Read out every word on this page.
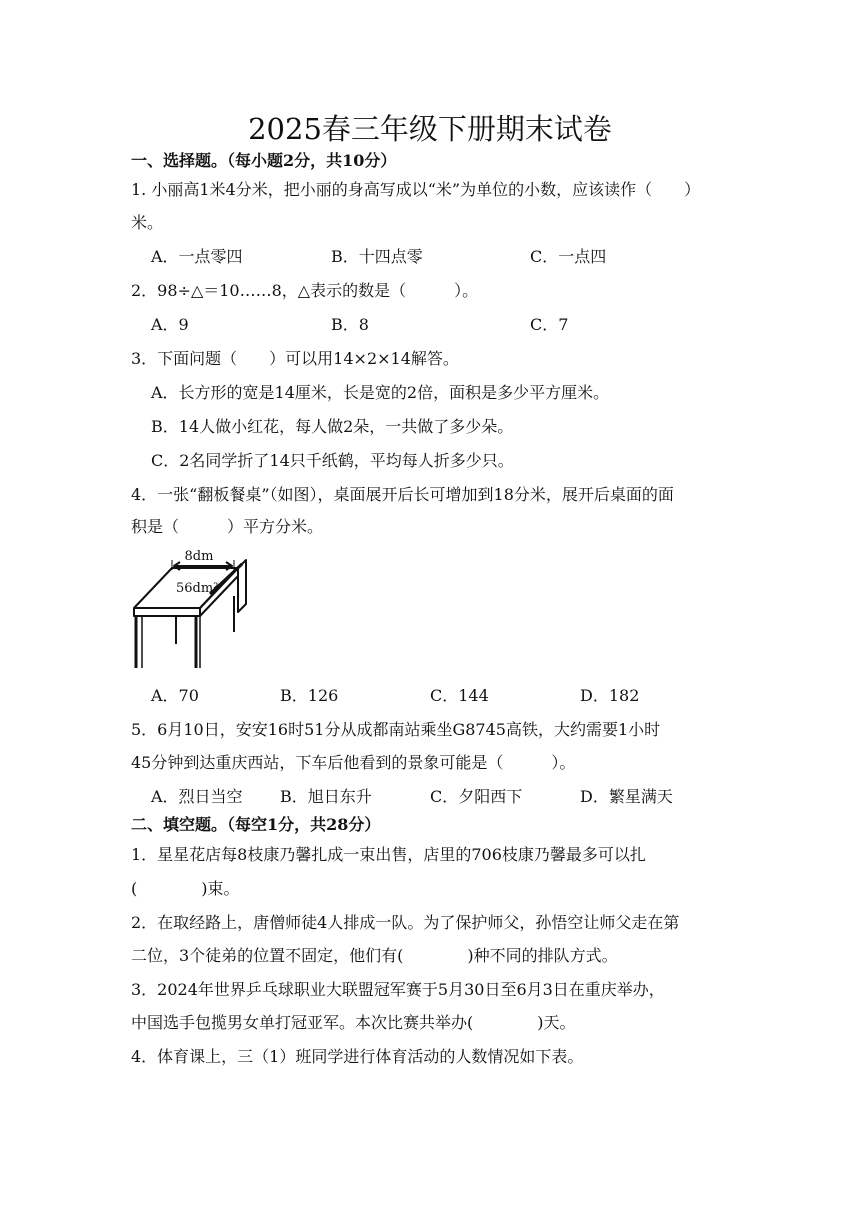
2025春三年级下册期末试卷
一、选择题。（每小题2分，共10分）
1. 小丽高1米4分米，把小丽的身高写成以“米”为单位的小数，应该读作（　　）
米。
A．一点零四	B．十四点零	C．一点四
2．98÷△＝10……8，△表示的数是（　　　）。
A．9	B．8	C．7
3．下面问题（　　）可以用14×2×14解答。
A．长方形的宽是14厘米，长是宽的2倍，面积是多少平方厘米。
B．14人做小红花，每人做2朵，一共做了多少朵。
C．2名同学折了14只千纸鹤，平均每人折多少只。
4．一张“翻板餐桌”（如图），桌面展开后长可增加到18分米，展开后桌面的面
积是（　　　）平方分米。
8dm
56dm²
A．70	B．126	C．144	D．182
5．6月10日，安安16时51分从成都南站乘坐G8745高铁，大约需要1小时
45分钟到达重庆西站，下车后他看到的景象可能是（　　　）。
A．烈日当空 B．旭日东升	C．夕阳西下	D．繁星满天
二、填空题。（每空1分，共28分）
1．星星花店每8枝康乃馨扎成一束出售，店里的706枝康乃馨最多可以扎
(　　　　)束。
2．在取经路上，唐僧师徒4人排成一队。为了保护师父，孙悟空让师父走在第
二位，3个徒弟的位置不固定，他们有(　　　　)种不同的排队方式。
3．2024年世界乒乓球职业大联盟冠军赛于5月30日至6月3日在重庆举办，
中国选手包揽男女单打冠亚军。本次比赛共举办(　　　　)天。
4．体育课上，三（1）班同学进行体育活动的人数情况如下表。
